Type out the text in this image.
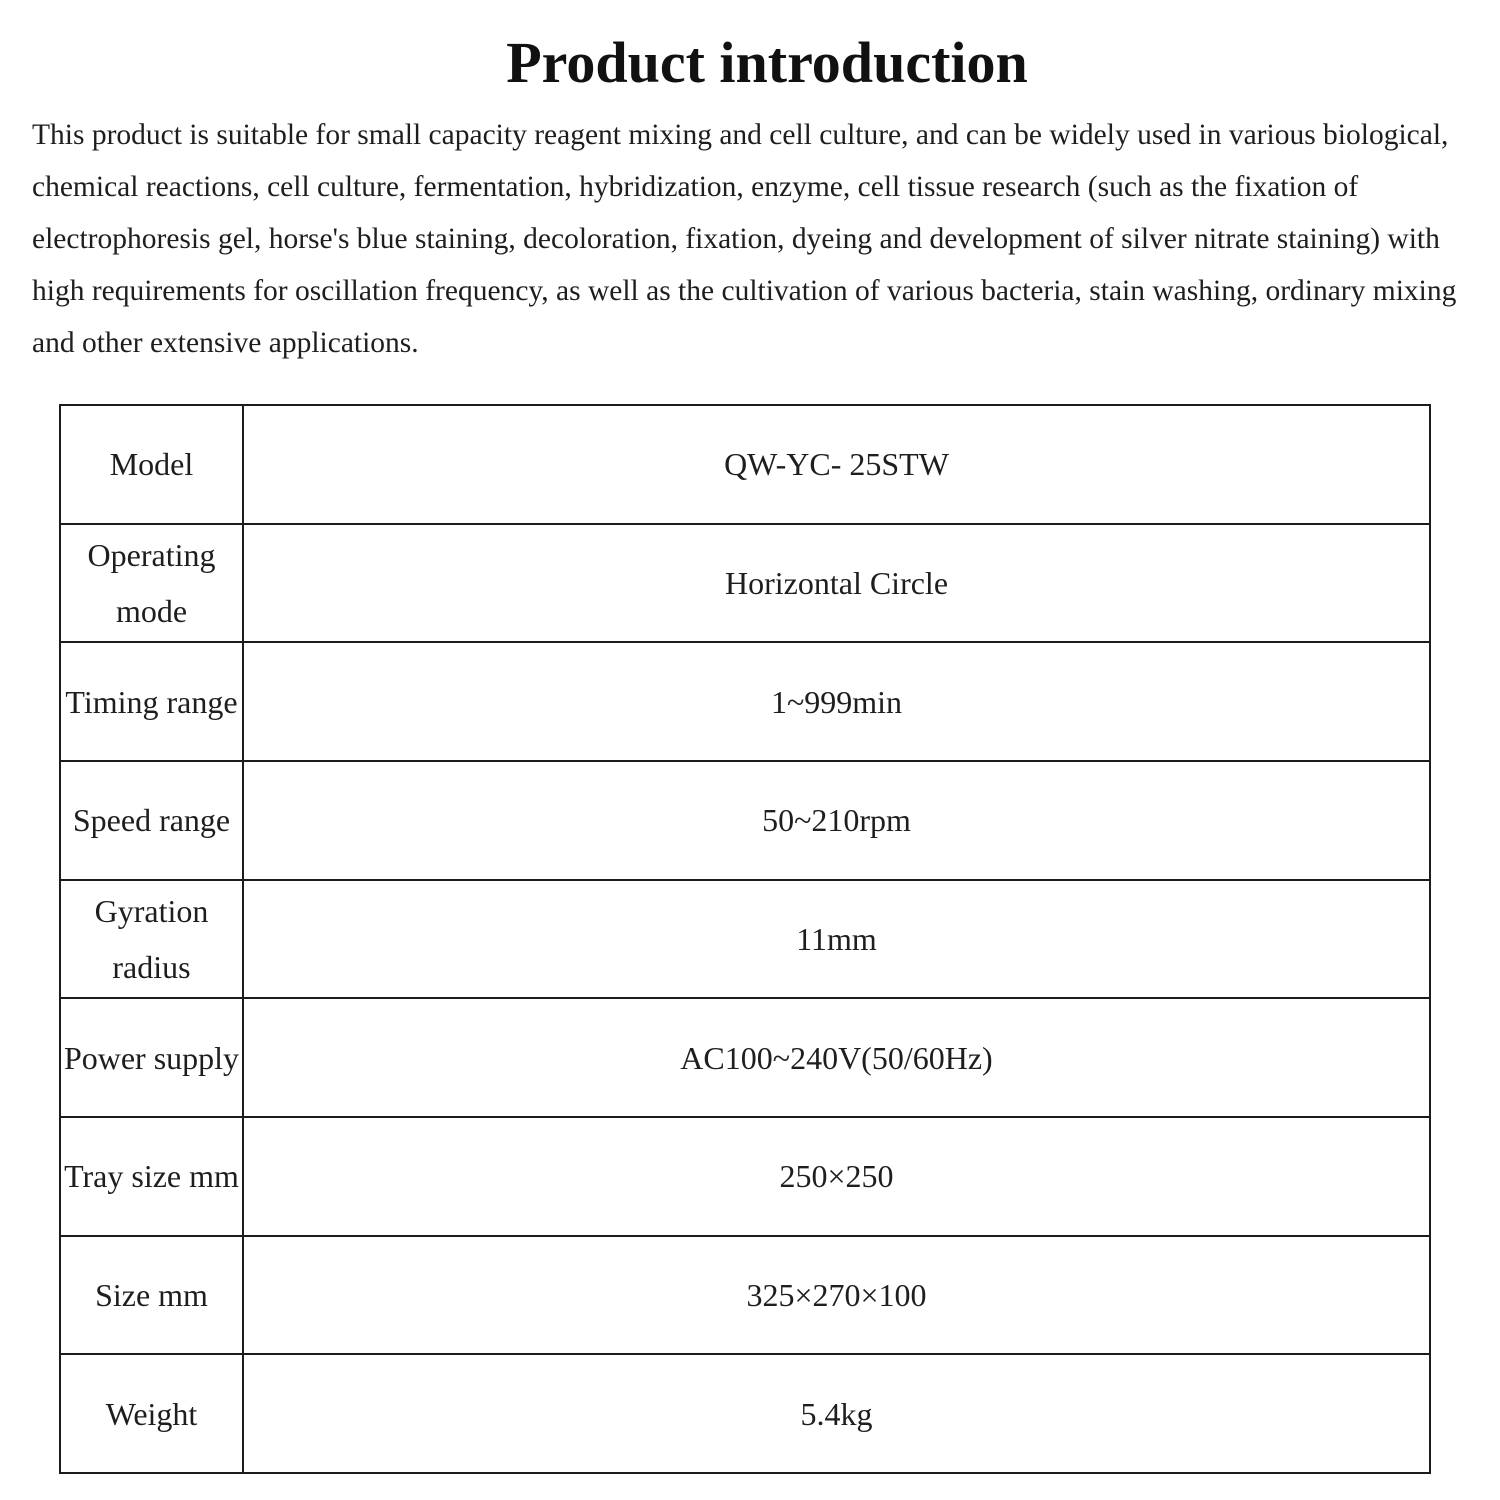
Product introduction

This product is suitable for small capacity reagent mixing and cell culture, and can be widely used in various biological, chemical reactions, cell culture, fermentation, hybridization, enzyme, cell tissue research (such as the fixation of electrophoresis gel, horse's blue staining, decoloration, fixation, dyeing and development of silver nitrate staining) with high requirements for oscillation frequency, as well as the cultivation of various bacteria, stain washing, ordinary mixing and other extensive applications.

Model	QW-YC- 25STW
Operating mode	Horizontal Circle
Timing range	1~999min
Speed range	50~210rpm
Gyration radius	11mm
Power supply	AC100~240V(50/60Hz)
Tray size mm	250×250
Size mm	325×270×100
Weight	5.4kg
